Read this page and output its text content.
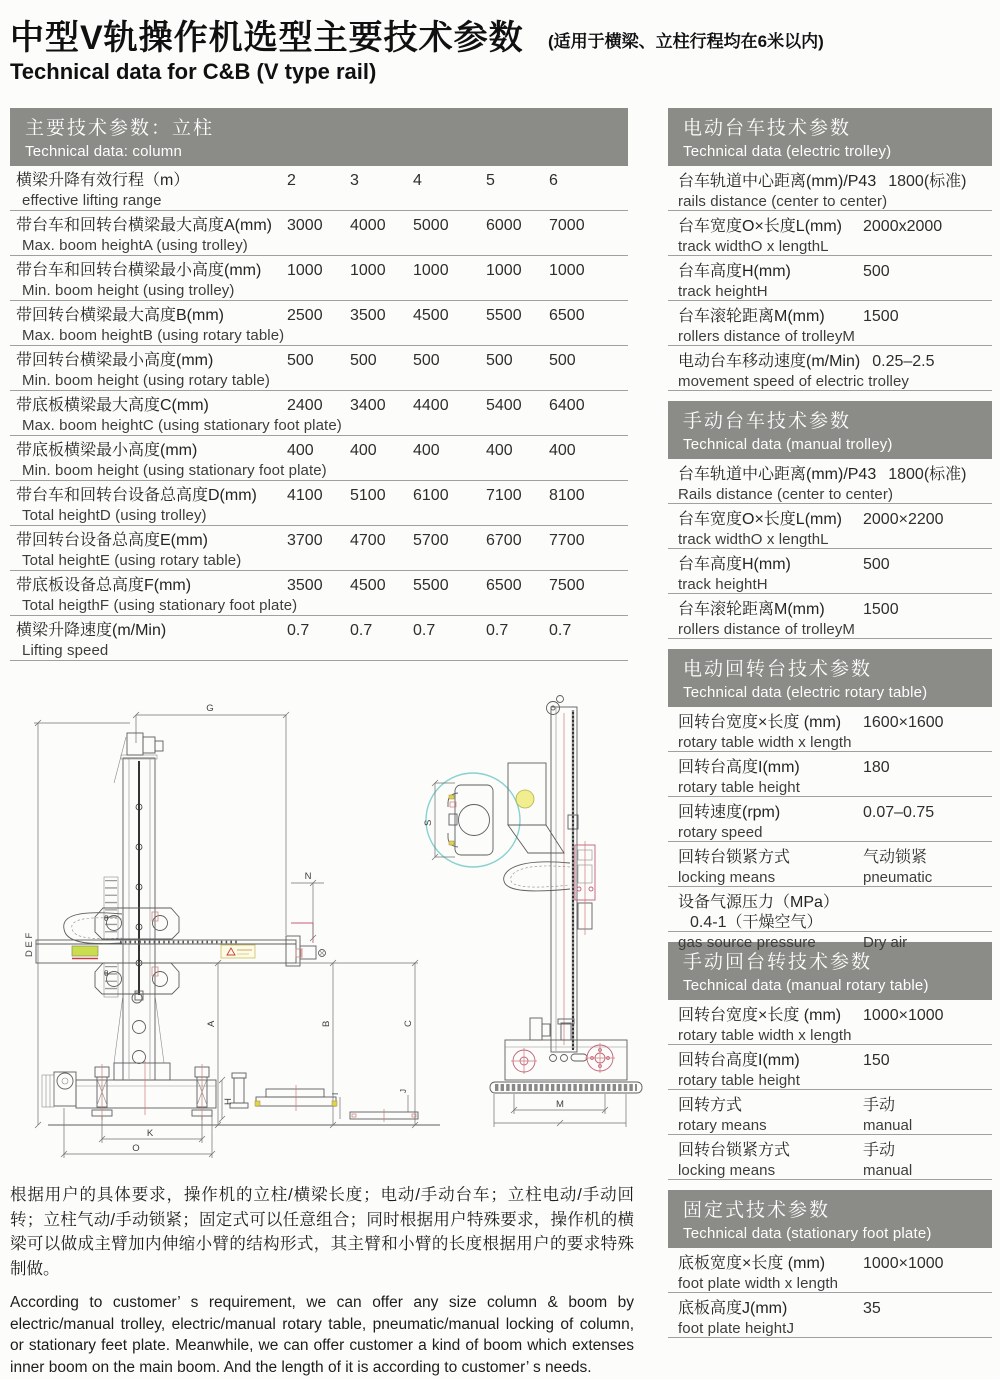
中型V轨操作机选型主要技术参数 (适用于横梁、立柱行程均在6米以内)
Technical data for C&B (V type rail)
主要技术参数：立柱
Technical data: column
横梁升降有效行程（m）	2	3	4	5	6
effective lifting range
带台车和回转台横梁最大高度A(mm) 3000	4000	5000	6000	7000
Max. boom heightA (using trolley)
带台车和回转台横梁最小高度(mm)	1000	1000	1000	1000	1000
Min. boom height (using trolley)
带回转台横梁最大高度B(mm)	2500	3500	4500	5500	6500
Max. boom heightB (using rotary table)
带回转台横梁最小高度(mm)	500	500	500	500	500
Min. boom height (using rotary table)
带底板横梁最大高度C(mm)	2400	3400	4400	5400	6400
Max. boom heightC (using stationary foot plate)
带底板横梁最小高度(mm)	400	400	400	400	400
Min. boom height (using stationary foot plate)
带台车和回转台设备总高度D(mm)	4100	5100	6100	7100	8100
Total heightD (using trolley)
带回转台设备总高度E(mm)	3700	4700	5700	6700	7700
Total heightE (using rotary table)
带底板设备总高度F(mm)	3500	4500	5500	6500	7500
Total heigthF (using stationary foot plate)
横梁升降速度(m/Min)	0.7	0.7	0.7	0.7	0.7
Lifting speed
电动台车技术参数
Technical data (electric trolley)
台车轨道中心距离(mm)/P43 1800(标准)
rails distance (center to center)
台车宽度O×长度L(mm) 2000x2000
track widthO x lengthL
台车高度H(mm)	500
track heightH
台车滚轮距离M(mm) 1500
rollers distance of trolleyM
电动台车移动速度(m/Min) 0.25–2.5
movement speed of electric trolley
手动台车技术参数
Technical data (manual trolley)
台车轨道中心距离(mm)/P43 1800(标准)
Rails distance (center to center)
台车宽度O×长度L(mm) 2000×2200
track widthO x lengthL
台车高度H(mm)	500
track heightH
台车滚轮距离M(mm) 1500
rollers distance of trolleyM
电动回转台技术参数
Technical data (electric rotary table)
回转台宽度×长度 (mm) 1600×1600
rotary table width x length
回转台高度I(mm)	180
rotary table height
回转速度(rpm)	0.07–0.75
rotary speed
回转台锁紧方式	气动锁紧
locking means	pneumatic
设备气源压力（MPa）0.4-1（干燥空气）
gas source pressure	Dry air
手动回台转技术参数
Technical data (manual rotary table)
回转台宽度×长度 (mm) 1000×1000
rotary table width x length
回转台高度I(mm)	150
rotary table height
回转方式	手动
rotary means	manual
回转台锁紧方式	手动
locking means	manual
固定式技术参数
Technical data (stationary foot plate)
底板宽度×长度 (mm) 1000×1000
foot plate width x length
底板高度J(mm)	35
foot plate heightJ
D E F
G
N
θ
θ
H
K
O
A	B	C
I
J
S
M
根据用户的具体要求，操作机的立柱/横梁长度；电动/手动台车；立柱电动/手动回转；立柱气动/手动锁紧；固定式可以任意组合；同时根据用户特殊要求，操作机的横梁可以做成主臂加内伸缩小臂的结构形式，其主臂和小臂的长度根据用户的要求特殊制做。
According to customer’ s requirement, we can offer any size column & boom by electric/manual trolley, electric/manual rotary table, pneumatic/manual locking of column, or stationary feet plate. Meanwhile, we can offer customer a kind of boom which extenses inner boom on the main boom. And the length of it is according to customer’ s needs.
